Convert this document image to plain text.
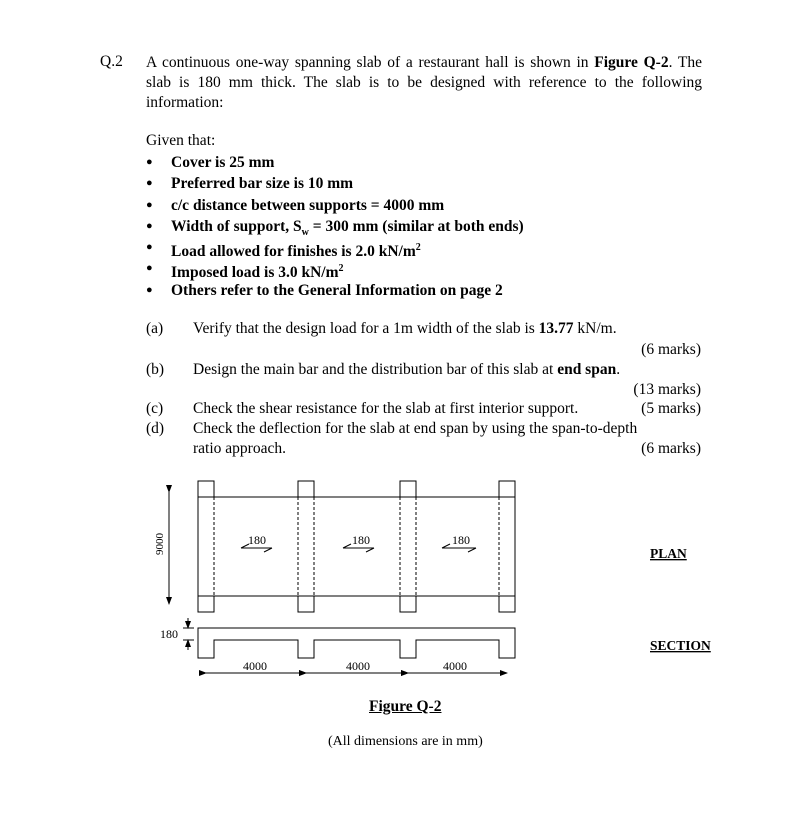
Q.2 A continuous one-way spanning slab of a restaurant hall is shown in Figure Q-2. The slab is 180 mm thick. The slab is to be designed with reference to the following information:
Given that:
● Cover is 25 mm
● Preferred bar size is 10 mm
● c/c distance between supports = 4000 mm
● Width of support, $S_w = 300$ mm (similar at both ends)
● Load allowed for finishes is 2.0 $kN/m^2$
● Imposed load is 3.0 $kN/m^2$
● Others refer to the General Information on page 2
(a) Verify that the design load for a 1m width of the slab is 13.77 kN/m.
(6 marks)
(b) Design the main bar and the distribution bar of this slab at end span.
(13 marks)
(c) Check the shear resistance for the slab at first interior support.	(5 marks)
(d) Check the deflection for the slab at end span by using the span-to-depth
ratio approach.	(6 marks)
180	180	180
9000
180
4000	4000	4000
PLAN
SECTION
Figure Q-2
(All dimensions are in mm)
